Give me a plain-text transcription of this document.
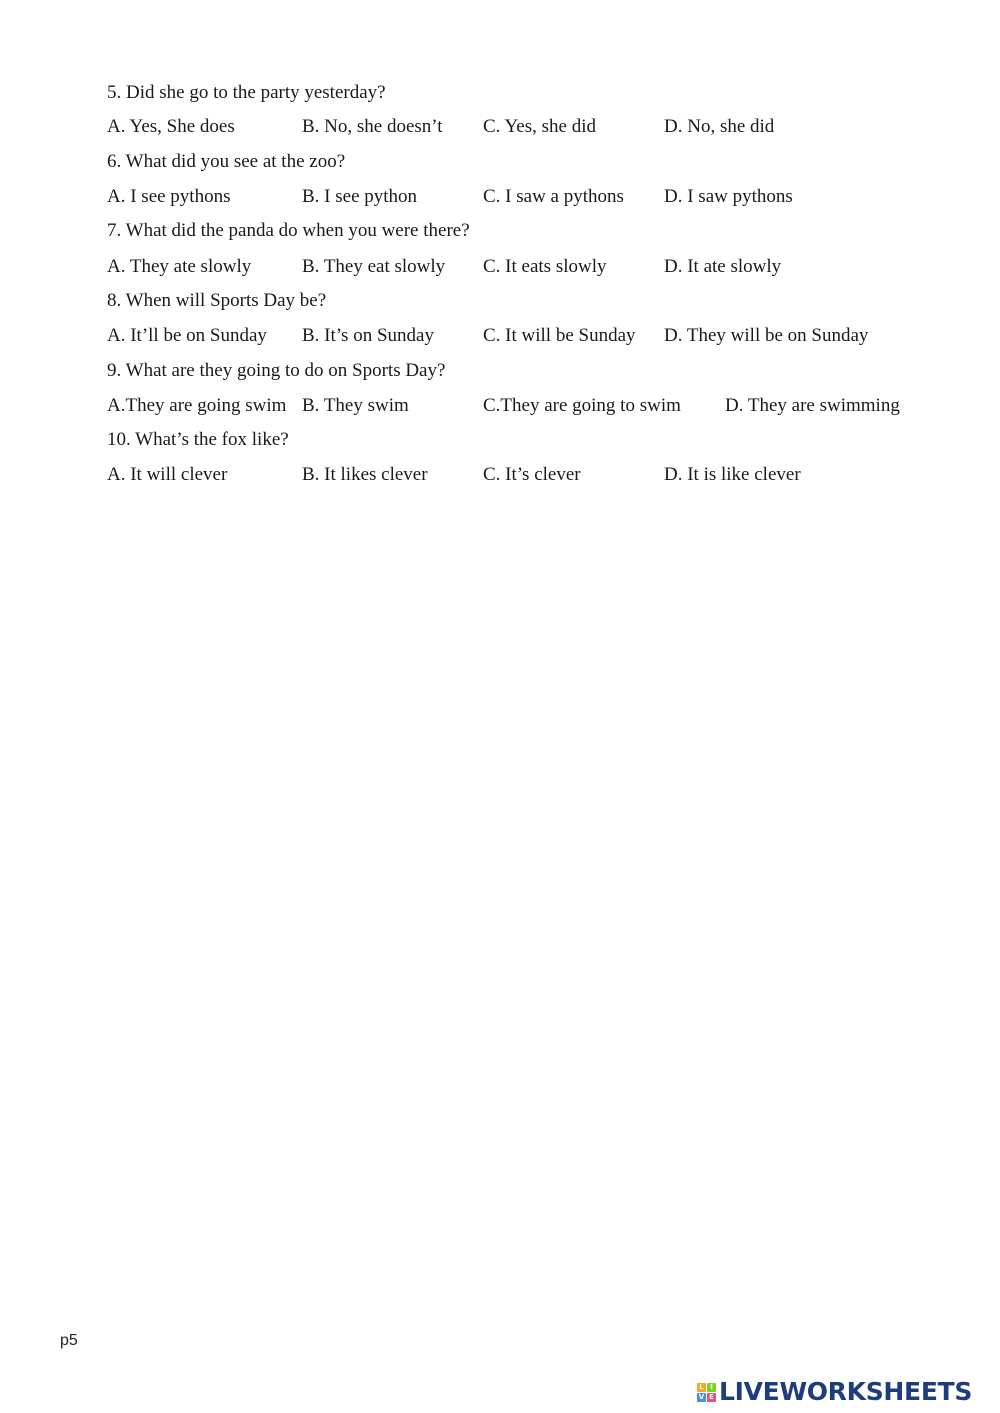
5. Did she go to the party yesterday?
A. Yes, She does	B. No, she doesn’t C. Yes, she did	D. No, she did
6. What did you see at the zoo?
A. I see pythons	B. I see python	C. I saw a pythons D. I saw pythons
7. What did the panda do when you were there?
A. They ate slowly	B. They eat slowly C. It eats slowly	D. It ate slowly
8. When will Sports Day be?
A. It’ll be on Sunday B. It’s on Sunday	C. It will be Sunday D. They will be on Sunday
9. What are they going to do on Sports Day?
A.They are going swim B. They swim	C.They are going to swim D. They are swimming
10. What’s the fox like?
A. It will clever	B. It likes clever	C. It’s clever	D. It is like clever
p5
L I
V E LIVEWORKSHEETS
